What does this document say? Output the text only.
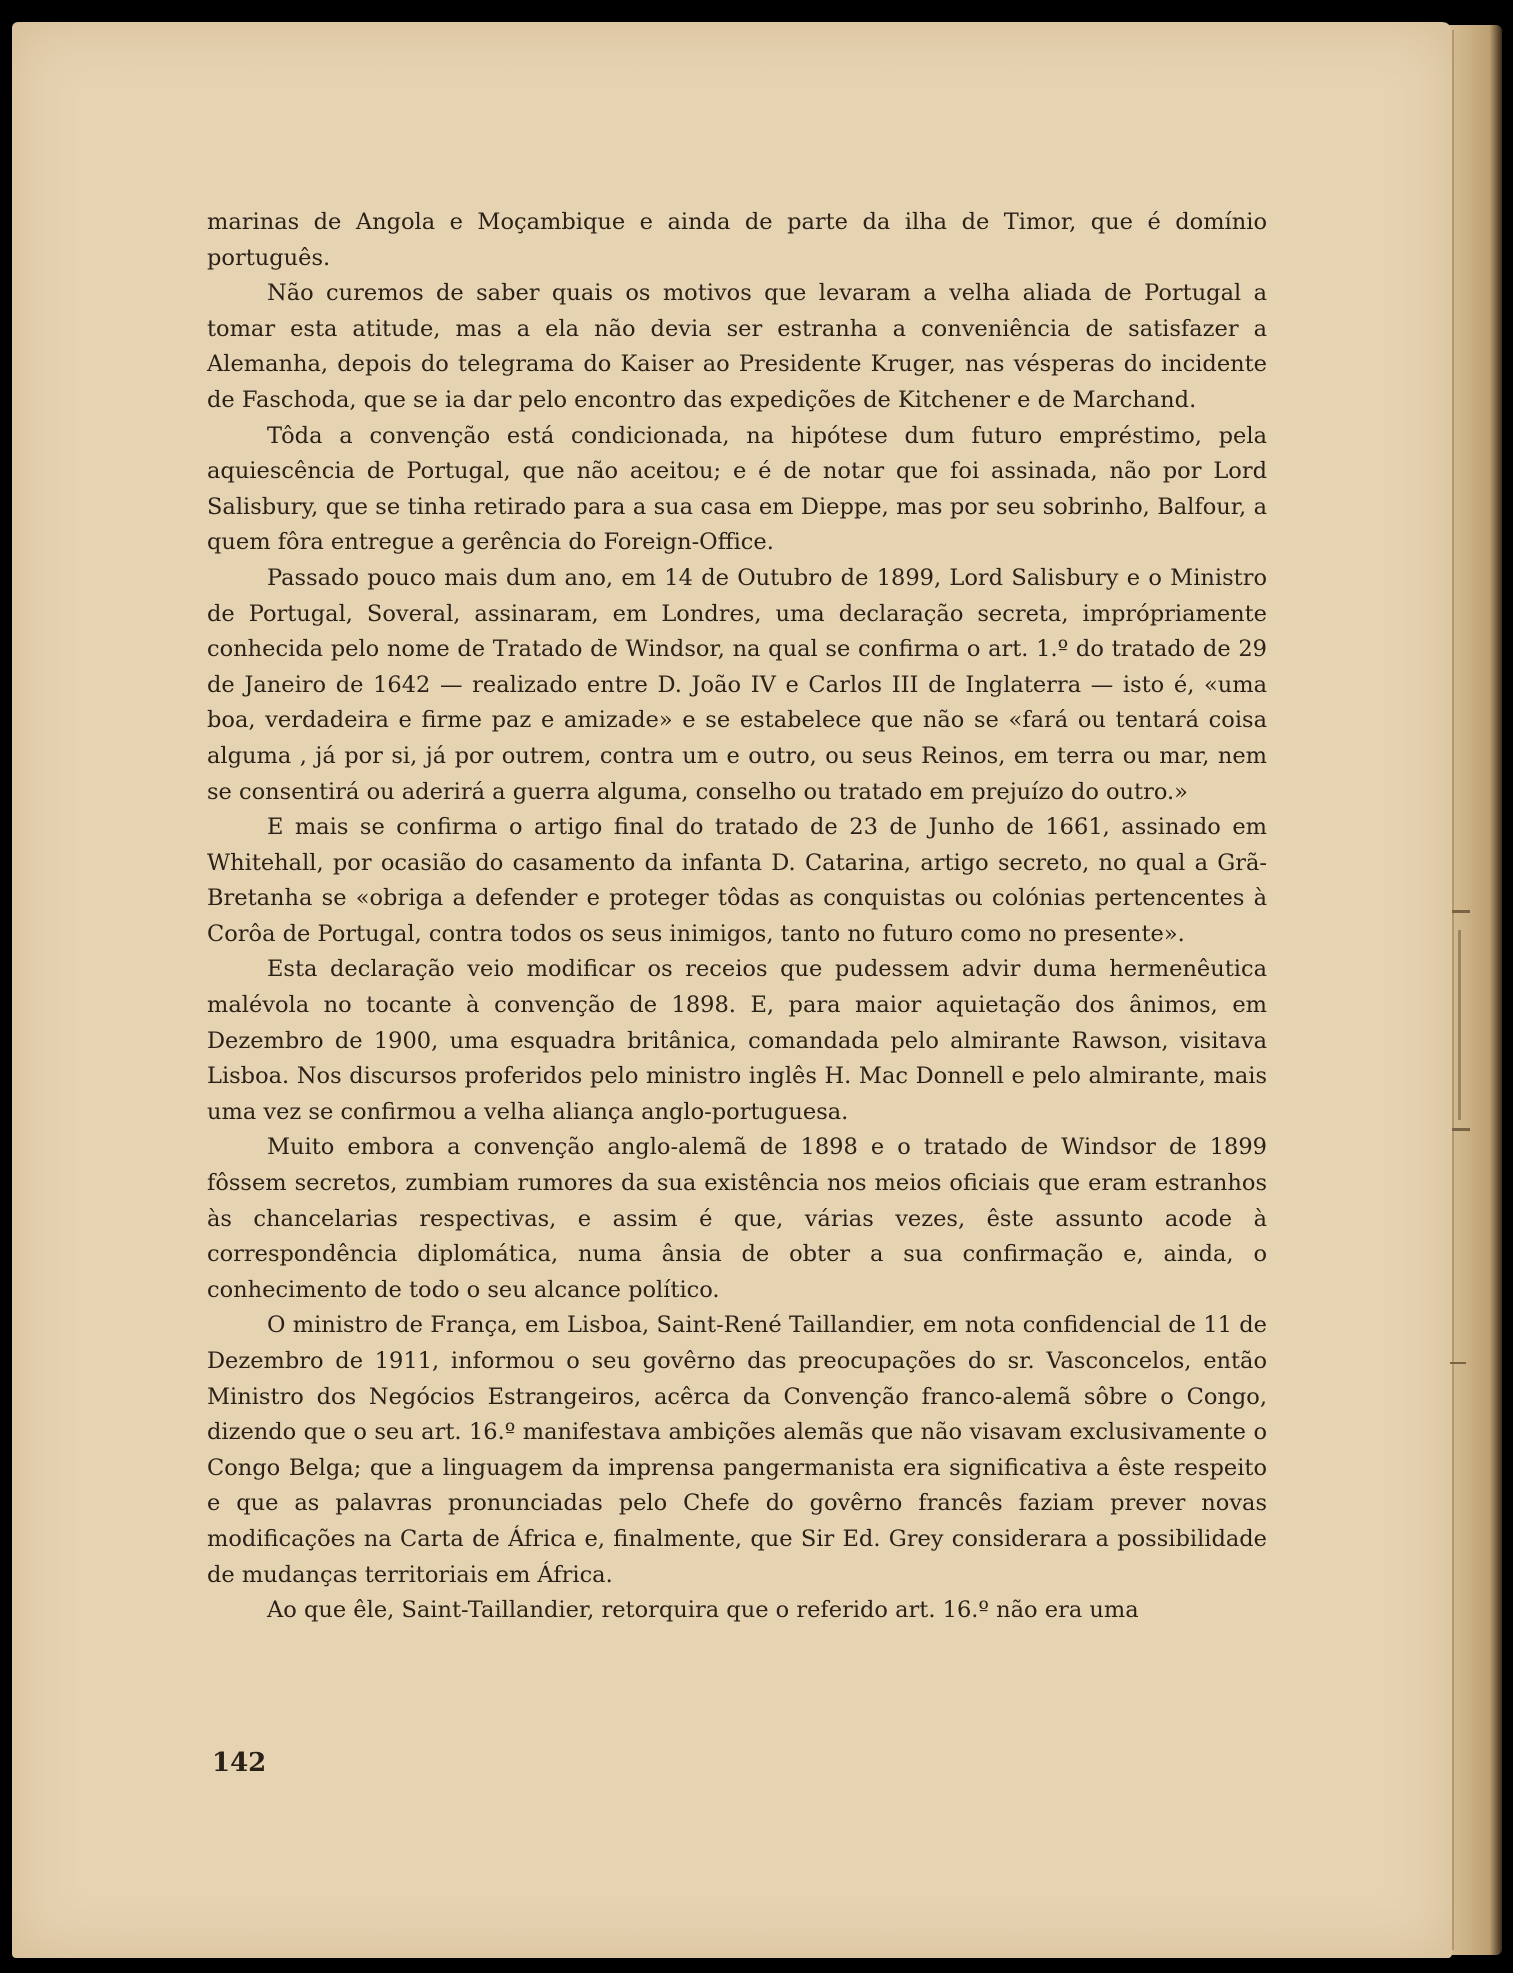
marinas de Angola e Moçambique e ainda de parte da ilha de Timor, que é domínio português.

Não curemos de saber quais os motivos que levaram a velha aliada de Portugal a tomar esta atitude, mas a ela não devia ser estranha a conveniência de satisfazer a Alemanha, depois do telegrama do Kaiser ao Presidente Kruger, nas vésperas do incidente de Faschoda, que se ia dar pelo encontro das expedições de Kitchener e de Marchand.

Tôda a convenção está condicionada, na hipótese dum futuro empréstimo, pela aquiescência de Portugal, que não aceitou; e é de notar que foi assinada, não por Lord Salisbury, que se tinha retirado para a sua casa em Dieppe, mas por seu sobrinho, Balfour, a quem fôra entregue a gerência do Foreign-Office.

Passado pouco mais dum ano, em 14 de Outubro de 1899, Lord Salisbury e o Ministro de Portugal, Soveral, assinaram, em Londres, uma declaração secreta, imprópriamente conhecida pelo nome de Tratado de Windsor, na qual se confirma o art. 1.º do tratado de 29 de Janeiro de 1642 — realizado entre D. João IV e Carlos III de Inglaterra — isto é, «uma boa, verdadeira e firme paz e amizade» e se estabelece que não se «fará ou tentará coisa alguma , já por si, já por outrem, contra um e outro, ou seus Reinos, em terra ou mar, nem se consentirá ou aderirá a guerra alguma, conselho ou tratado em prejuízo do outro.»

E mais se confirma o artigo final do tratado de 23 de Junho de 1661, assinado em Whitehall, por ocasião do casamento da infanta D. Catarina, artigo secreto, no qual a Grã-Bretanha se «obriga a defender e proteger tôdas as conquistas ou colónias pertencentes à Corôa de Portugal, contra todos os seus inimigos, tanto no futuro como no presente».

Esta declaração veio modificar os receios que pudessem advir duma hermenêutica malévola no tocante à convenção de 1898. E, para maior aquietação dos ânimos, em Dezembro de 1900, uma esquadra britânica, comandada pelo almirante Rawson, visitava Lisboa. Nos discursos proferidos pelo ministro inglês H. Mac Donnell e pelo almirante, mais uma vez se confirmou a velha aliança anglo-portuguesa.

Muito embora a convenção anglo-alemã de 1898 e o tratado de Windsor de 1899 fôssem secretos, zumbiam rumores da sua existência nos meios oficiais que eram estranhos às chancelarias respectivas, e assim é que, várias vezes, êste assunto acode à correspondência diplomática, numa ânsia de obter a sua confirmação e, ainda, o conhecimento de todo o seu alcance político.

O ministro de França, em Lisboa, Saint-René Taillandier, em nota confidencial de 11 de Dezembro de 1911, informou o seu govêrno das preocupações do sr. Vasconcelos, então Ministro dos Negócios Estrangeiros, acêrca da Convenção franco-alemã sôbre o Congo, dizendo que o seu art. 16.º manifestava ambições alemãs que não visavam exclusivamente o Congo Belga; que a linguagem da imprensa pangermanista era significativa a êste respeito e que as palavras pronunciadas pelo Chefe do govêrno francês faziam prever novas modificações na Carta de África e, finalmente, que Sir Ed. Grey considerara a possibilidade de mudanças territoriais em África.

Ao que êle, Saint-Taillandier, retorquira que o referido art. 16.º não era uma

142
